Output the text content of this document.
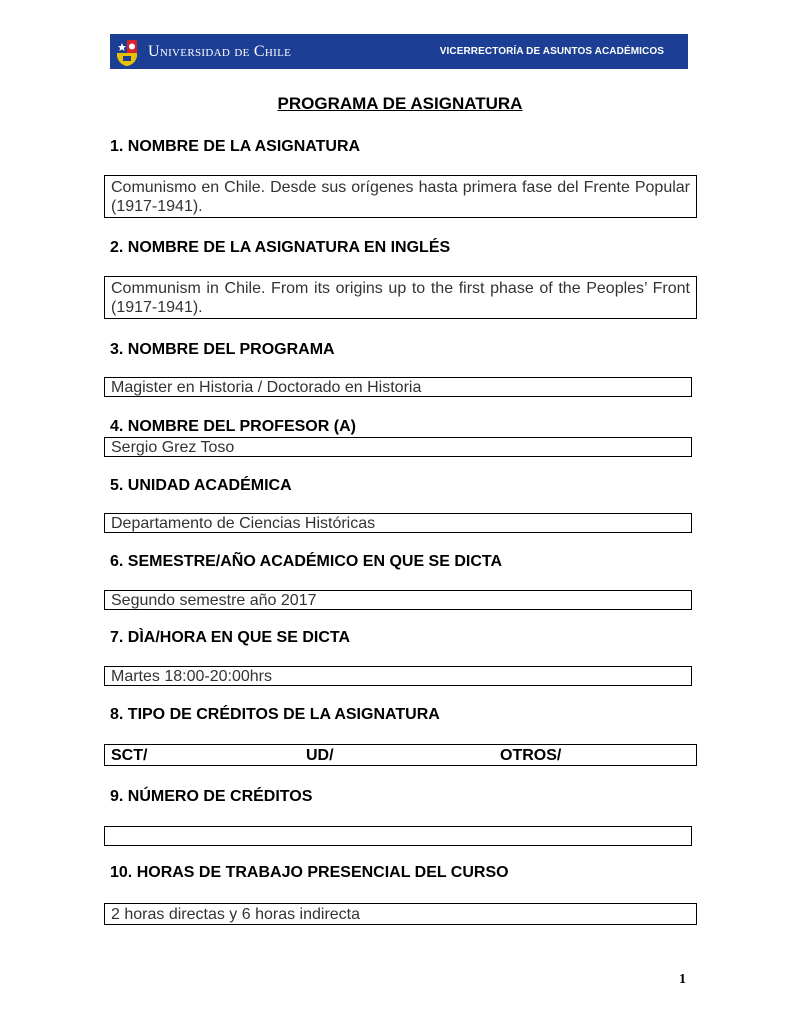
Universidad de Chile	VICERRECTORÍA DE ASUNTOS ACADÉMICOS
PROGRAMA DE ASIGNATURA

1. NOMBRE DE LA ASIGNATURA

Comunismo en Chile. Desde sus orígenes hasta primera fase del Frente Popular (1917-1941).

2. NOMBRE DE LA ASIGNATURA EN INGLÉS

Communism in Chile. From its origins up to the first phase of the Peoples’ Front (1917-1941).

3. NOMBRE DEL PROGRAMA

Magister en Historia / Doctorado en Historia

4. NOMBRE DEL PROFESOR (A)

Sergio Grez Toso

5. UNIDAD ACADÉMICA

Departamento de Ciencias Históricas

6. SEMESTRE/AÑO ACADÉMICO EN QUE SE DICTA

Segundo semestre año 2017

7. DÌA/HORA EN QUE SE DICTA

Martes 18:00-20:00hrs

8. TIPO DE CRÉDITOS DE LA ASIGNATURA

SCT/	UD/	OTROS/

9. NÚMERO DE CRÉDITOS

10. HORAS DE TRABAJO PRESENCIAL DEL CURSO

2 horas directas y 6 horas indirecta
1
